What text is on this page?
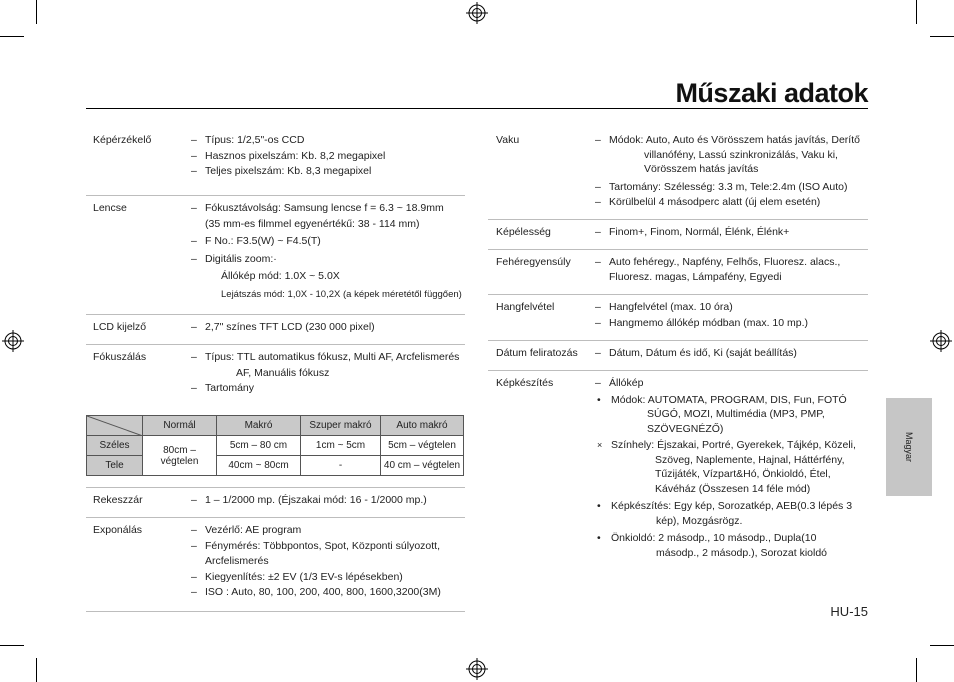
Műszaki adatok
Magyar
HU-15
Képérzékelő	– Típus: 1/2,5"-os CCD
– Hasznos pixelszám: Kb. 8,2 megapixel
– Teljes pixelszám: Kb. 8,3 megapixel
Lencse	– Fókusztávolság: Samsung lencse f = 6.3 ~ 18.9mm
(35 mm-es filmmel egyenértékű: 38 - 114 mm)
– F No.: F3.5(W) ~ F4.5(T)
– Digitális zoom:·
Állókép mód: 1.0X ~ 5.0X
Lejátszás mód: 1,0X - 10,2X (a képek méretétől függően)
LCD kijelző	– 2,7" színes TFT LCD (230 000 pixel)
Fókuszálás	– Típus: TTL automatikus fókusz, Multi AF, Arcfelismerés
AF, Manuális fókusz
– Tartomány
	Normál	Makró	Szuper makró	Auto makró
Széles	80cm – végtelen	5cm – 80 cm	1cm ~ 5cm	5cm – végtelen
Tele		40cm ~ 80cm	-	40 cm – végtelen
Rekeszzár	– 1 – 1/2000 mp. (Éjszakai mód: 16 - 1/2000 mp.)
Exponálás	– Vezérlő: AE program
– Fénymérés: Többpontos, Spot, Központi súlyozott,
Arcfelismerés
– Kiegyenlítés: ±2 EV (1/3 EV-s lépésekben)
– ISO : Auto, 80, 100, 200, 400, 800, 1600,3200(3M)
Vaku	– Módok: Auto, Auto és Vörösszem hatás javítás, Derítő
villanófény, Lassú szinkronizálás, Vaku ki,
Vörösszem hatás javítás
– Tartomány: Szélesség: 3.3 m, Tele:2.4m (ISO Auto)
– Körülbelül 4 másodperc alatt (új elem esetén)
Képélesség	– Finom+, Finom, Normál, Élénk, Élénk+
Fehéregyensúly – Auto fehéregy., Napfény, Felhős, Fluoresz. alacs.,
Fluoresz. magas, Lámpafény, Egyedi
Hangfelvétel	– Hangfelvétel (max. 10 óra)
– Hangmemo állókép módban (max. 10 mp.)
Dátum feliratozás – Dátum, Dátum és idő, Ki (saját beállítás)
Képkészítés	– Állókép
• Módok: AUTOMATA, PROGRAM, DIS, Fun, FOTÓ
SÚGÓ, MOZI, Multimédia (MP3, PMP,
SZÖVEGNÉZŐ)
× Színhely: Éjszakai, Portré, Gyerekek, Tájkép, Közeli,
Szöveg, Naplemente, Hajnal, Háttérfény,
Tűzijáték, Vízpart&Hó, Önkioldó, Étel,
Kávéház (Összesen 14 féle mód)
• Képkészítés: Egy kép, Sorozatkép, AEB(0.3 lépés 3
kép), Mozgásrögz.
• Önkioldó: 2 másodp., 10 másodp., Dupla(10
másodp., 2 másodp.), Sorozat kioldó
